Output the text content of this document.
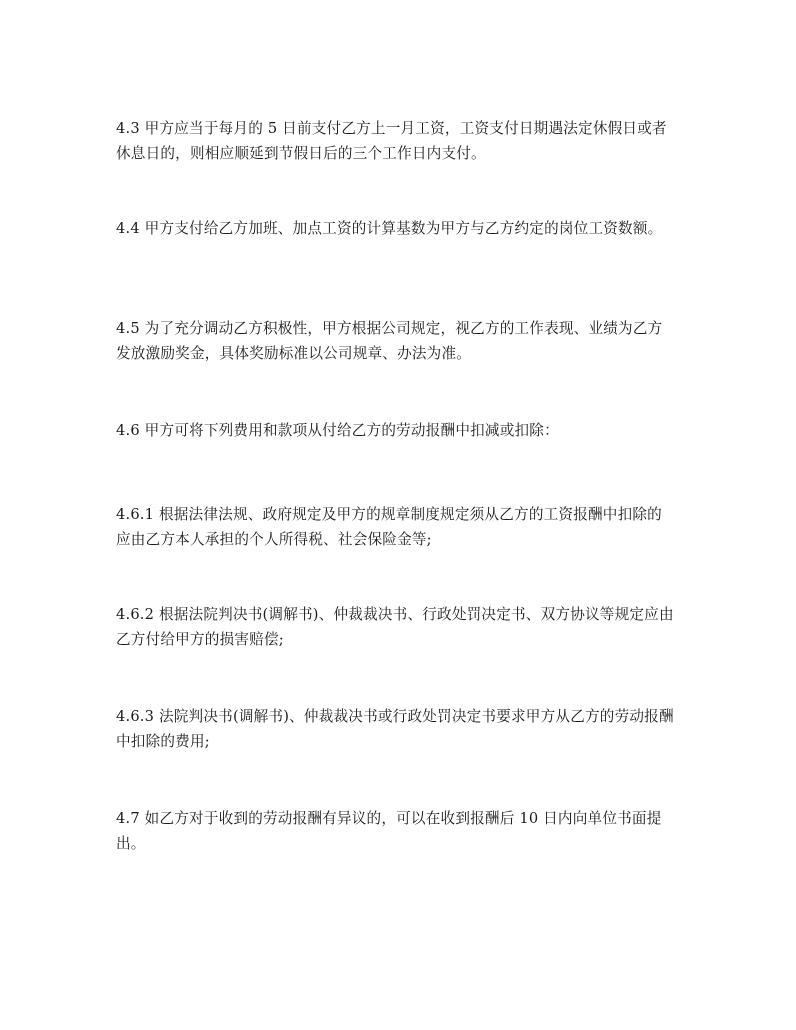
4.3 甲方应当于每月的 5 日前支付乙方上一月工资，工资支付日期遇法定休假日或者休息日的，则相应顺延到节假日后的三个工作日内支付。

4.4 甲方支付给乙方加班、加点工资的计算基数为甲方与乙方约定的岗位工资数额。

4.5 为了充分调动乙方积极性，甲方根据公司规定，视乙方的工作表现、业绩为乙方发放激励奖金，具体奖励标准以公司规章、办法为准。

4.6 甲方可将下列费用和款项从付给乙方的劳动报酬中扣减或扣除：

4.6.1 根据法律法规、政府规定及甲方的规章制度规定须从乙方的工资报酬中扣除的应由乙方本人承担的个人所得税、社会保险金等;

4.6.2 根据法院判决书(调解书)、仲裁裁决书、行政处罚决定书、双方协议等规定应由乙方付给甲方的损害赔偿;

4.6.3 法院判决书(调解书)、仲裁裁决书或行政处罚决定书要求甲方从乙方的劳动报酬中扣除的费用;

4.7 如乙方对于收到的劳动报酬有异议的，可以在收到报酬后 10 日内向单位书面提出。
